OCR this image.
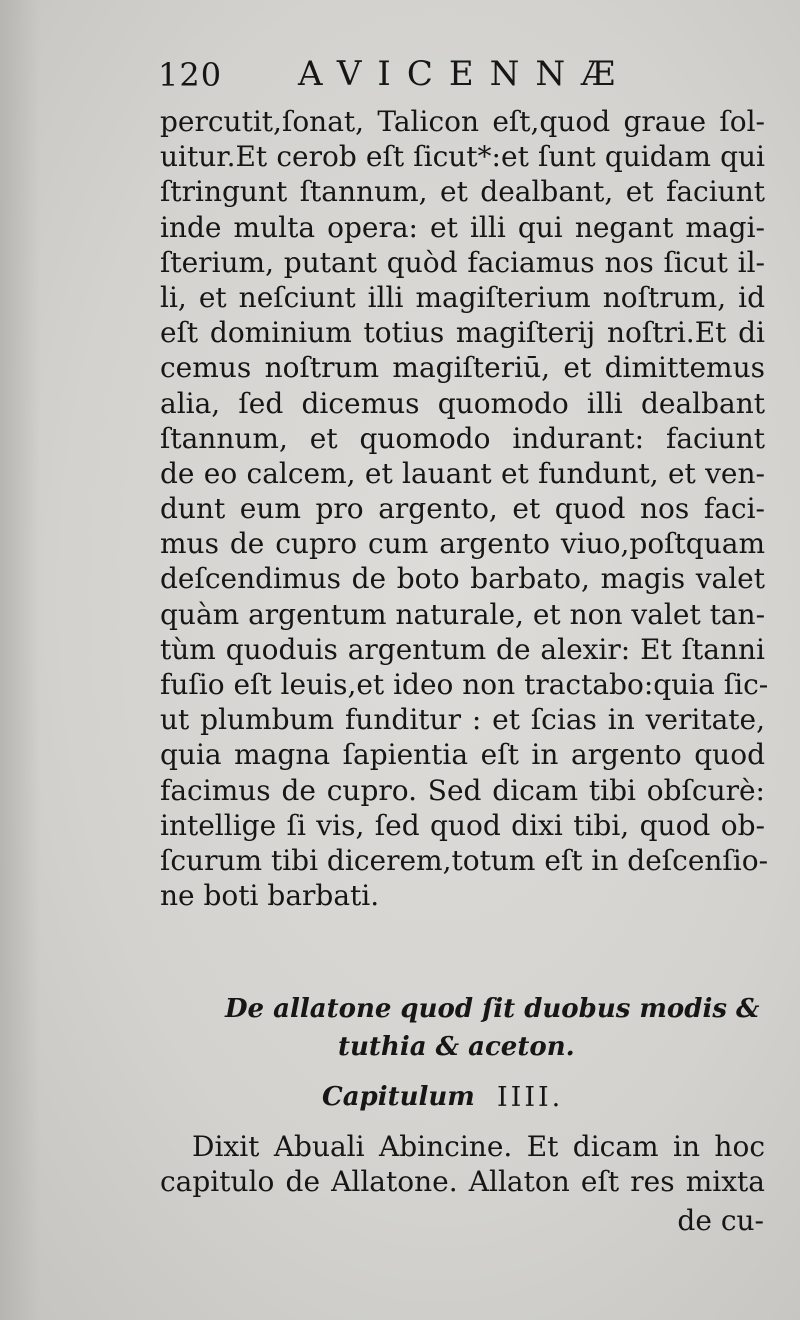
120 AVICENNÆ
percutit,ſonat, Talicon eſt,quod graue ſol-
uitur.Et cerob eſt ſicut*:et ſunt quidam qui
ſtringunt ſtannum, et dealbant, et faciunt
inde multa opera: et illi qui negant magi-
ſterium, putant quòd faciamus nos ſicut il-
li, et neſciunt illi magiſterium noſtrum, id
eſt dominium totius magiſterij noſtri.Et di
cemus noſtrum magiſteriū, et dimittemus
alia, ſed dicemus quomodo illi dealbant
ſtannum, et quomodo indurant: faciunt
de eo calcem, et lauant et fundunt, et ven-
dunt eum pro argento, et quod nos faci-
mus de cupro cum argento viuo,poſtquam
deſcendimus de boto barbato, magis valet
quàm argentum naturale, et non valet tan-
tùm quoduis argentum de alexir: Et ſtanni
fuſio eſt leuis,et ideo non tractabo:quia ſic-
ut plumbum funditur : et ſcias in veritate,
quia magna ſapientia eſt in argento quod
facimus de cupro. Sed dicam tibi obſcurè:
intellige ſi vis, ſed quod dixi tibi, quod ob-
ſcurum tibi dicerem,totum eſt in deſcenſio-
ne boti barbati.
De allatone quod ſit duobus modis &
tuthia & aceton.
Capitulum IIII.
Dixit Abuali Abincine. Et dicam in hoc
capitulo de Allatone. Allaton eſt res mixta
de cu-
